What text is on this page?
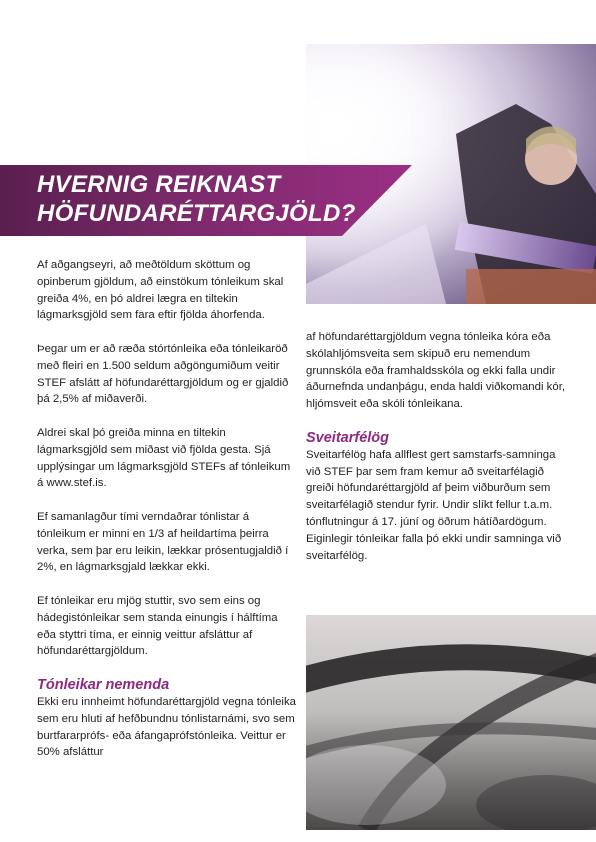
HVERNIG REIKNAST
HÖFUNDARÉTTARGJÖLD?

Af aðgangseyri, að meðtöldum sköttum og opinberum gjöldum, að einstökum tónleikum skal greiða 4%, en þó aldrei lægra en tiltekin lágmarksgjöld sem fara eftir fjölda áhorfenda.

Þegar um er að ræða stórtónleika eða tónleikaröð með fleiri en 1.500 seldum aðgöngumiðum veitir STEF afslátt af höfundaréttargjöldum og er gjaldið þá 2,5% af miðaverði.

Aldrei skal þó greiða minna en tiltekin lágmarksgjöld sem miðast við fjölda gesta. Sjá upplýsingar um lágmarksgjöld STEFs af tónleikum á www.stef.is.

Ef samanlagður tími verndaðrar tónlistar á tónleikum er minni en 1/3 af heildartíma þeirra verka, sem þar eru leikin, lækkar prósentugjaldið í 2%, en lágmarksgjald lækkar ekki.

Ef tónleikar eru mjög stuttir, svo sem eins og hádegistónleikar sem standa einungis í hálftíma eða styttri tíma, er einnig veittur afsláttur af höfundaréttargjöldum.

Tónleikar nemenda

Ekki eru innheimt höfundaréttargjöld vegna tónleika sem eru hluti af hefðbundnu tónlistarnámi, svo sem burtfararprófs- eða áfangaprófstónleika. Veittur er 50% afsláttur

af höfundaréttargjöldum vegna tónleika kóra eða skólahljómsveita sem skipuð eru nemendum grunnskóla eða framhaldsskóla og ekki falla undir áðurnefnda undanþágu, enda haldi viðkomandi kór, hljómsveit eða skóli tónleikana.

Sveitarfélög

Sveitarfélög hafa allflest gert samstarfs-samninga við STEF þar sem fram kemur að sveitarfélagið greiði höfundaréttargjöld af þeim viðburðum sem sveitarfélagið stendur fyrir. Undir slíkt fellur t.a.m. tónflutningur á 17. júní og öðrum hátíðardögum. Eiginlegir tónleikar falla þó ekki undir samninga við sveitarfélög.
